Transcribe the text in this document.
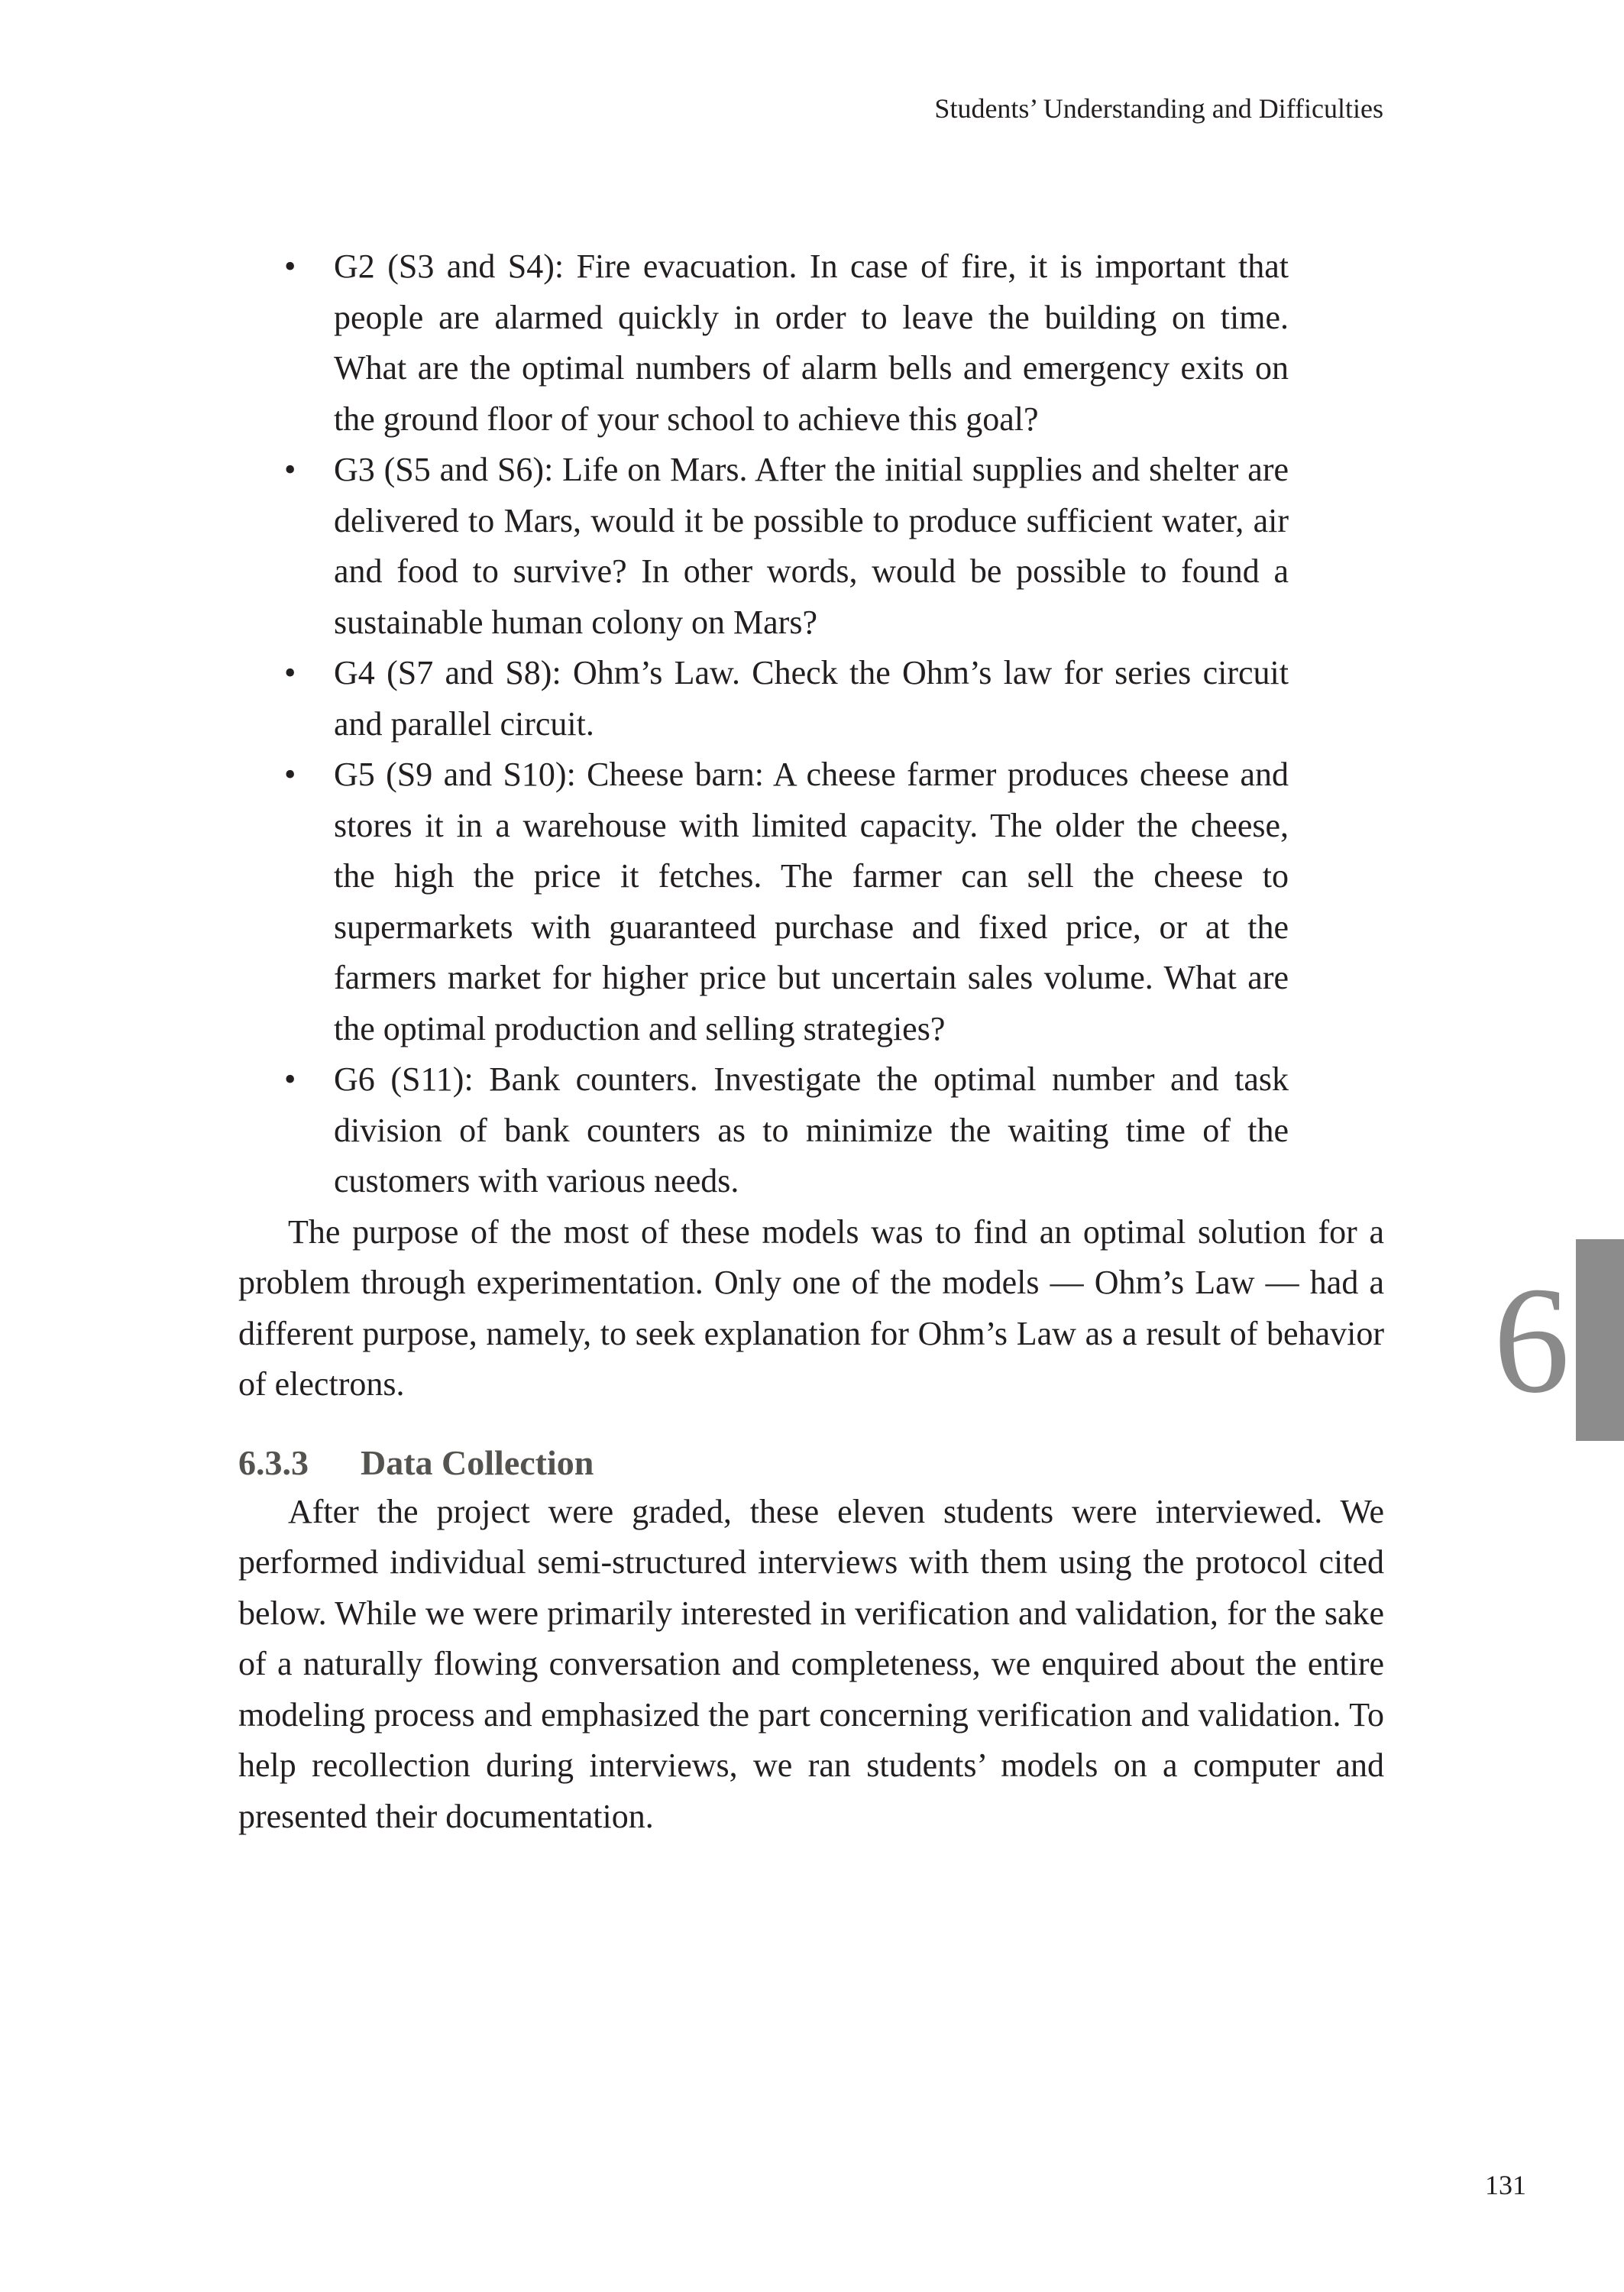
Students’ Understanding and Difficulties
• G2 (S3 and S4): Fire evacuation. In case of fire, it is important that people are alarmed quickly in order to leave the building on time. What are the optimal numbers of alarm bells and emergency exits on the ground floor of your school to achieve this goal?
• G3 (S5 and S6): Life on Mars. After the initial supplies and shelter are delivered to Mars, would it be possible to produce sufficient water, air and food to survive? In other words, would be possible to found a sustainable human colony on Mars?
• G4 (S7 and S8): Ohm’s Law. Check the Ohm’s law for series circuit and parallel circuit.
• G5 (S9 and S10): Cheese barn: A cheese farmer produces cheese and stores it in a warehouse with limited capacity. The older the cheese, the high the price it fetches. The farmer can sell the cheese to supermarkets with guaranteed purchase and fixed price, or at the farmers market for higher price but uncertain sales volume. What are the optimal production and selling strategies?
• G6 (S11): Bank counters. Investigate the optimal number and task division of bank counters as to minimize the waiting time of the customers with various needs.

The purpose of the most of these models was to find an optimal solution for a problem through experimentation. Only one of the models — Ohm’s Law — had a different purpose, namely, to seek explanation for Ohm’s Law as a result of behavior of electrons.

6.3.3 Data Collection

After the project were graded, these eleven students were interviewed. We performed individual semi-structured interviews with them using the protocol cited below. While we were primarily interested in verification and validation, for the sake of a naturally flowing conversation and completeness, we enquired about the entire modeling process and emphasized the part concerning verification and validation. To help recollection during interviews, we ran students’ models on a computer and presented their documentation.

6
131
